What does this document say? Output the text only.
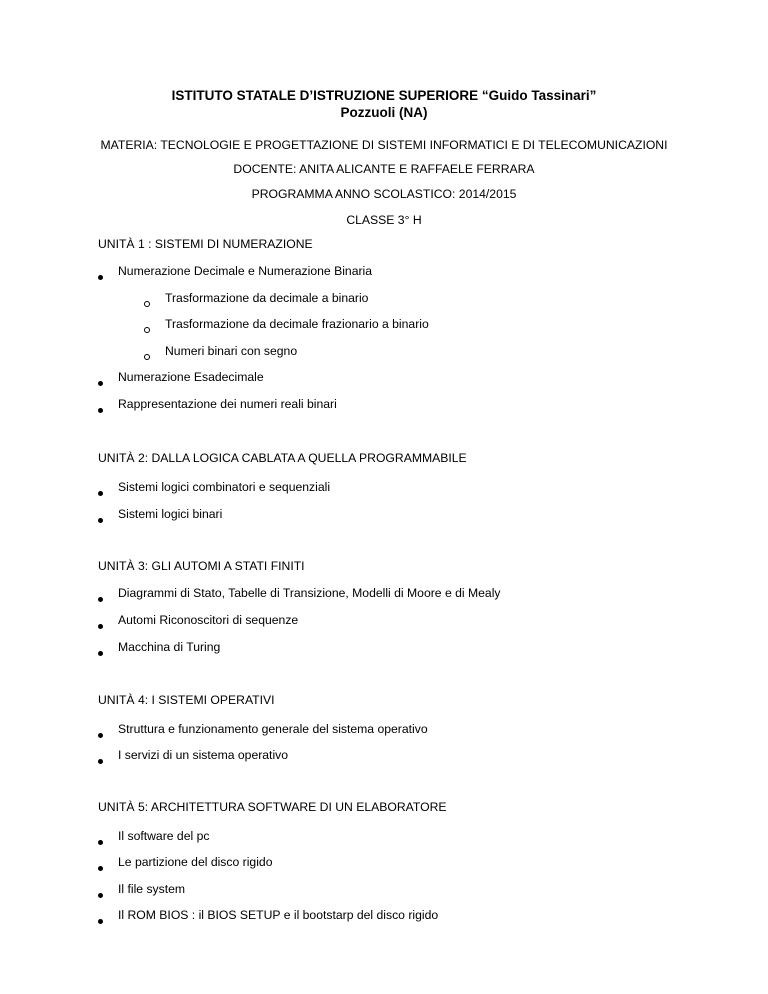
ISTITUTO STATALE D’ISTRUZIONE SUPERIORE “Guido Tassinari”
Pozzuoli (NA)
MATERIA: TECNOLOGIE E PROGETTAZIONE DI SISTEMI INFORMATICI E DI TELECOMUNICAZIONI
DOCENTE: ANITA ALICANTE E RAFFAELE FERRARA
PROGRAMMA ANNO SCOLASTICO: 2014/2015
CLASSE 3° H
UNITÀ 1 : SISTEMI DI NUMERAZIONE
Numerazione Decimale e Numerazione Binaria
Trasformazione da decimale a binario
Trasformazione da decimale frazionario a binario
Numeri binari con segno
Numerazione Esadecimale
Rappresentazione dei numeri reali binari
UNITÀ 2: DALLA LOGICA CABLATA A QUELLA PROGRAMMABILE
Sistemi logici combinatori e sequenziali
Sistemi logici binari
UNITÀ 3: GLI AUTOMI A STATI FINITI
Diagrammi di Stato, Tabelle di Transizione, Modelli di Moore e di Mealy
Automi Riconoscitori di sequenze
Macchina di Turing
UNITÀ 4: I SISTEMI OPERATIVI
Struttura e funzionamento generale del sistema operativo
I servizi di un sistema operativo
UNITÀ 5: ARCHITETTURA SOFTWARE DI UN ELABORATORE
Il software del pc
Le partizione del disco rigido
Il file system
Il ROM BIOS : il BIOS SETUP e il bootstarp del disco rigido
